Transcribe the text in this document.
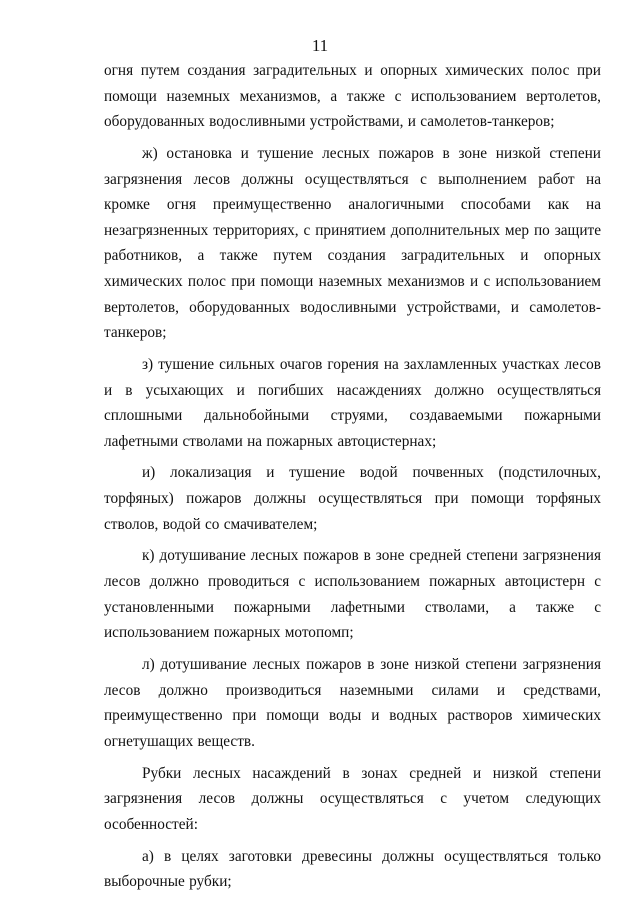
11

огня путем создания заградительных и опорных химических полос при помощи наземных механизмов, а также с использованием вертолетов, оборудованных водосливными устройствами, и самолетов-танкеров;

ж) остановка и тушение лесных пожаров в зоне низкой степени загрязнения лесов должны осуществляться с выполнением работ на кромке огня преимущественно аналогичными способами как на незагрязненных территориях, с принятием дополнительных мер по защите работников, а также путем создания заградительных и опорных химических полос при помощи наземных механизмов и с использованием вертолетов, оборудованных водосливными устройствами, и самолетов-танкеров;

з) тушение сильных очагов горения на захламленных участках лесов и в усыхающих и погибших насаждениях должно осуществляться сплошными дальнобойными струями, создаваемыми пожарными лафетными стволами на пожарных автоцистернах;

и) локализация и тушение водой почвенных (подстилочных, торфяных) пожаров должны осуществляться при помощи торфяных стволов, водой со смачивателем;

к) дотушивание лесных пожаров в зоне средней степени загрязнения лесов должно проводиться с использованием пожарных автоцистерн с установленными пожарными лафетными стволами, а также с использованием пожарных мотопомп;

л) дотушивание лесных пожаров в зоне низкой степени загрязнения лесов должно производиться наземными силами и средствами, преимущественно при помощи воды и водных растворов химических огнетушащих веществ.

Рубки лесных насаждений в зонах средней и низкой степени загрязнения лесов должны осуществляться с учетом следующих особенностей:

а) в целях заготовки древесины должны осуществляться только выборочные рубки;
